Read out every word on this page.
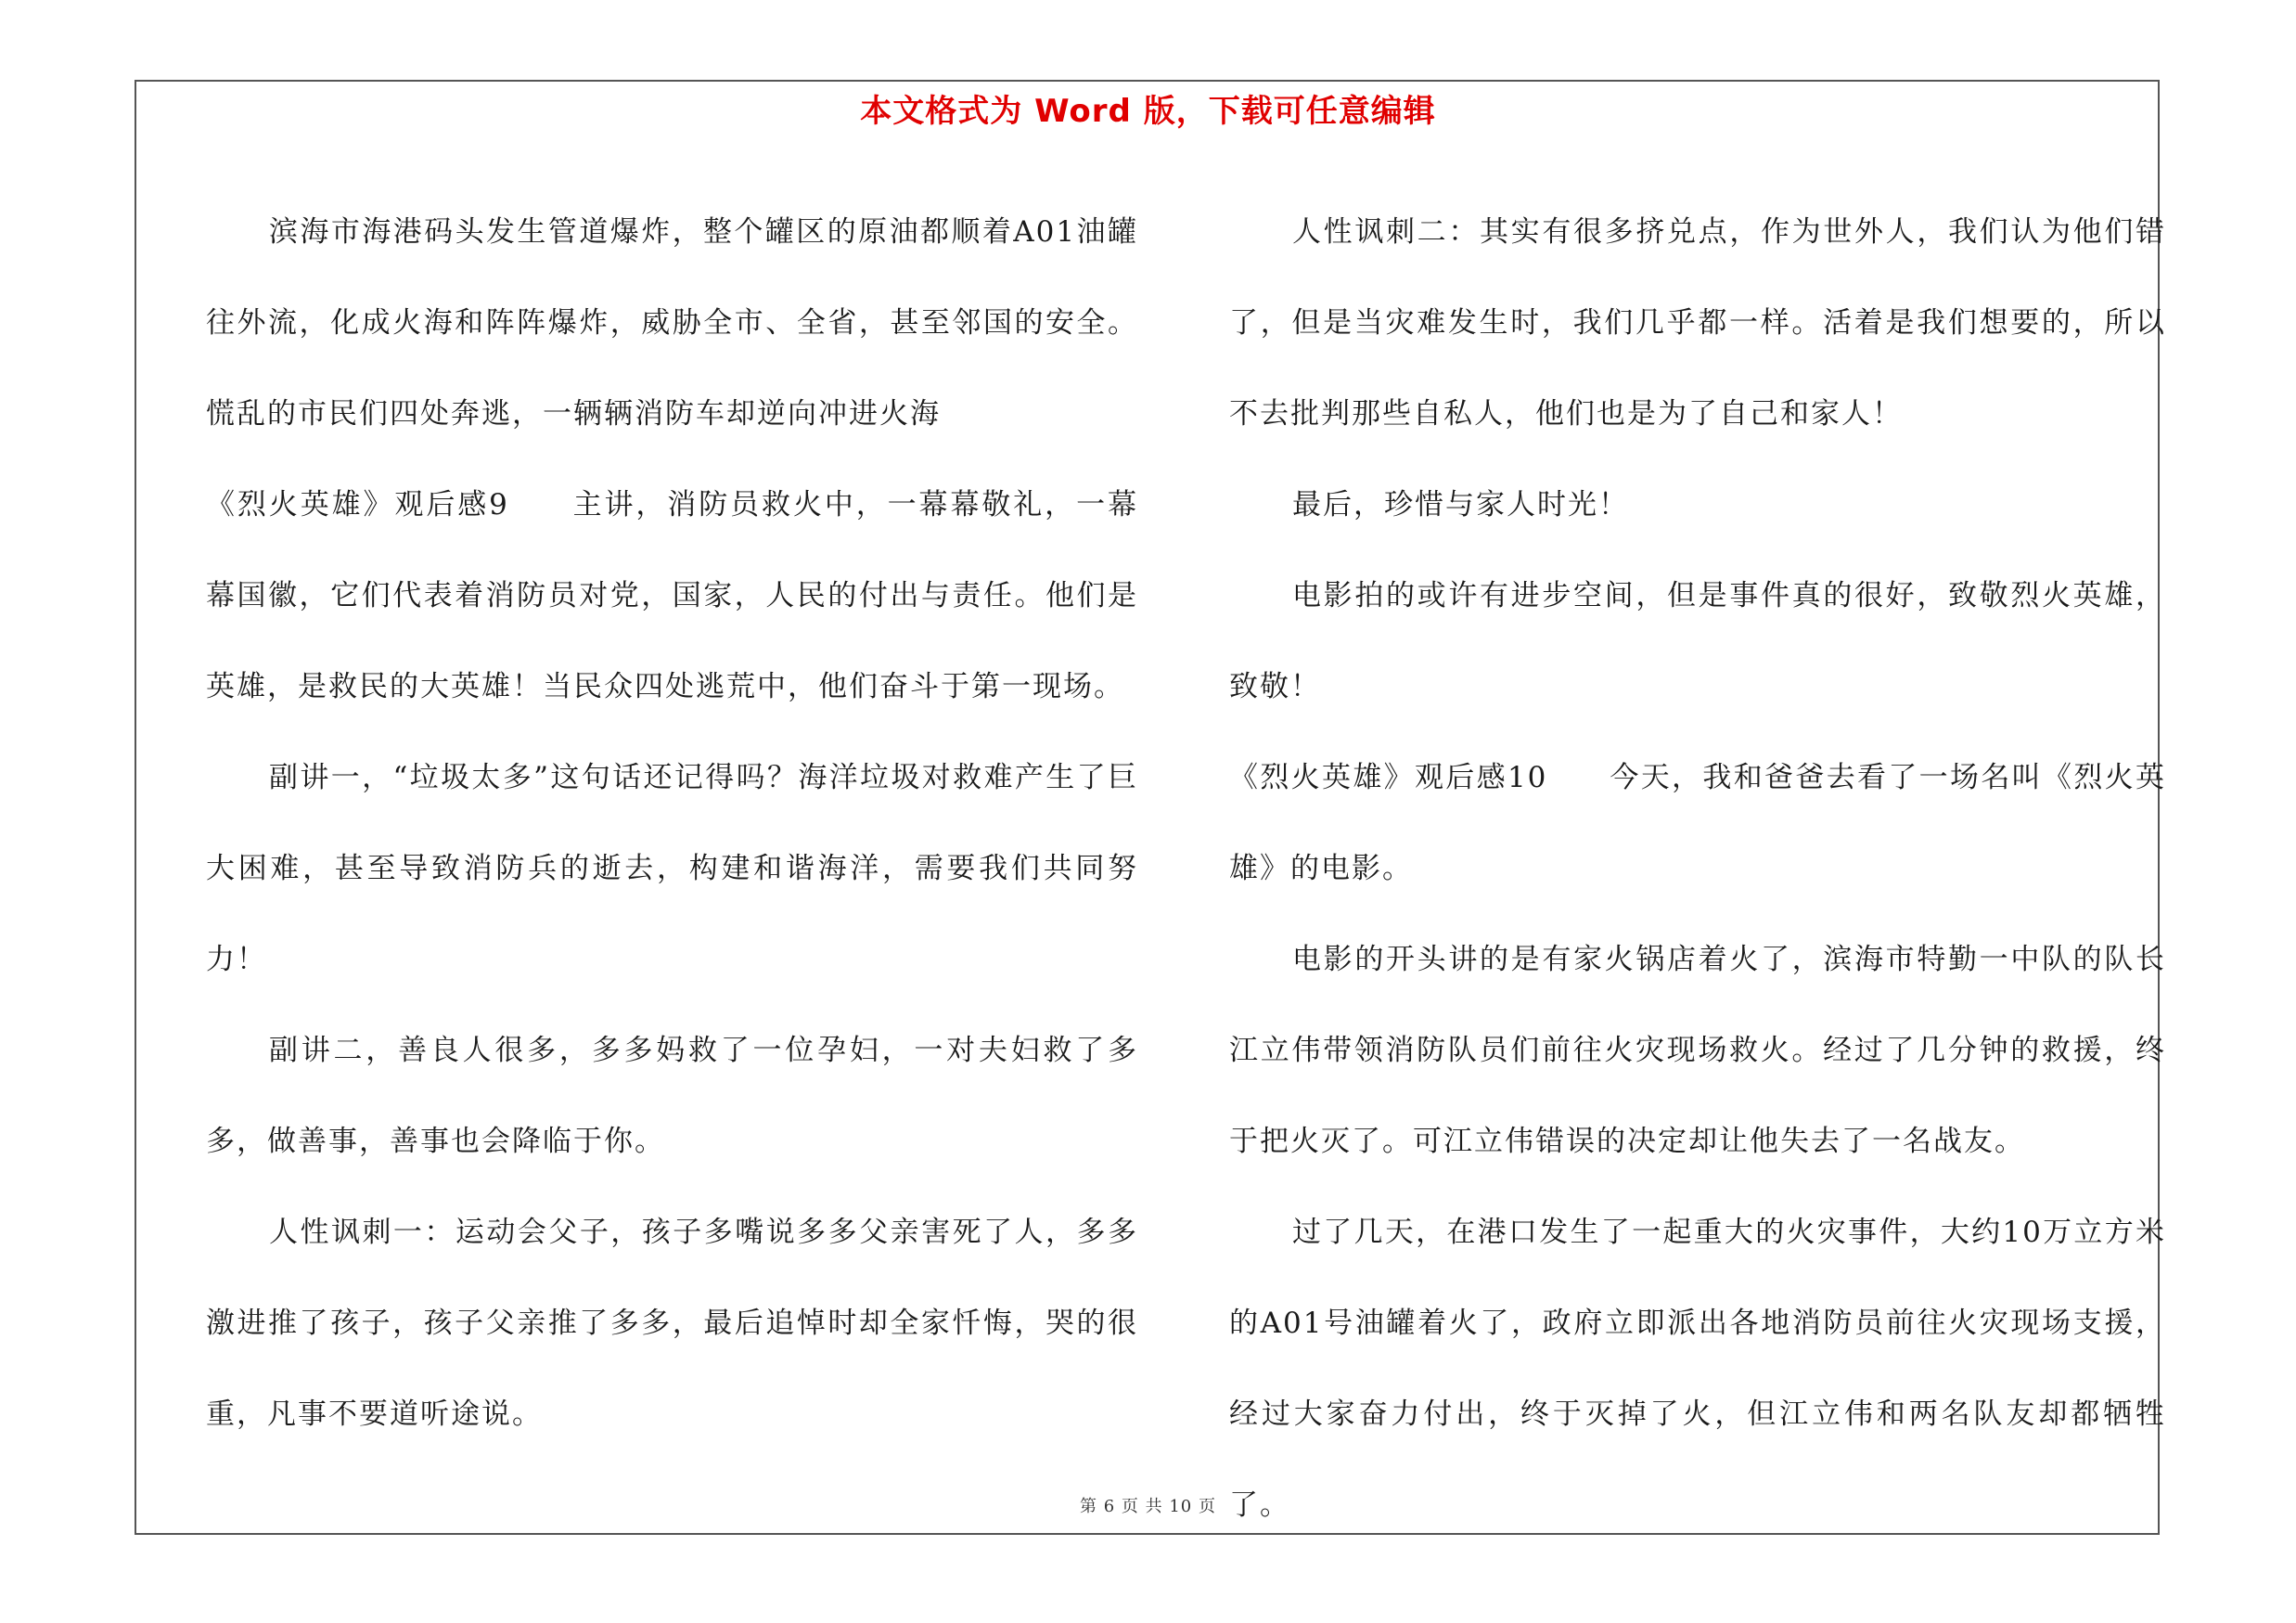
本文格式为 Word 版，下载可任意编辑

滨海市海港码头发生管道爆炸，整个罐区的原油都顺着A01油罐往外流，化成火海和阵阵爆炸，威胁全市、全省，甚至邻国的安全。慌乱的市民们四处奔逃，一辆辆消防车却逆向冲进火海

《烈火英雄》观后感9　　主讲，消防员救火中，一幕幕敬礼，一幕幕国徽，它们代表着消防员对党，国家，人民的付出与责任。他们是英雄，是救民的大英雄！当民众四处逃荒中，他们奋斗于第一现场。

副讲一，“垃圾太多”这句话还记得吗？海洋垃圾对救难产生了巨大困难，甚至导致消防兵的逝去，构建和谐海洋，需要我们共同努力！

副讲二，善良人很多，多多妈救了一位孕妇，一对夫妇救了多多，做善事，善事也会降临于你。

人性讽刺一：运动会父子，孩子多嘴说多多父亲害死了人，多多激进推了孩子，孩子父亲推了多多，最后追悼时却全家忏悔，哭的很重，凡事不要道听途说。

人性讽刺二：其实有很多挤兑点，作为世外人，我们认为他们错了，但是当灾难发生时，我们几乎都一样。活着是我们想要的，所以不去批判那些自私人，他们也是为了自己和家人！

最后，珍惜与家人时光！

电影拍的或许有进步空间，但是事件真的很好，致敬烈火英雄，致敬！

《烈火英雄》观后感10　　今天，我和爸爸去看了一场名叫《烈火英雄》的电影。

电影的开头讲的是有家火锅店着火了，滨海市特勤一中队的队长江立伟带领消防队员们前往火灾现场救火。经过了几分钟的救援，终于把火灭了。可江立伟错误的决定却让他失去了一名战友。

过了几天，在港口发生了一起重大的火灾事件，大约10万立方米的A01号油罐着火了，政府立即派出各地消防员前往火灾现场支援，经过大家奋力付出，终于灭掉了火，但江立伟和两名队友却都牺牲了。

第 6 页 共 10 页
